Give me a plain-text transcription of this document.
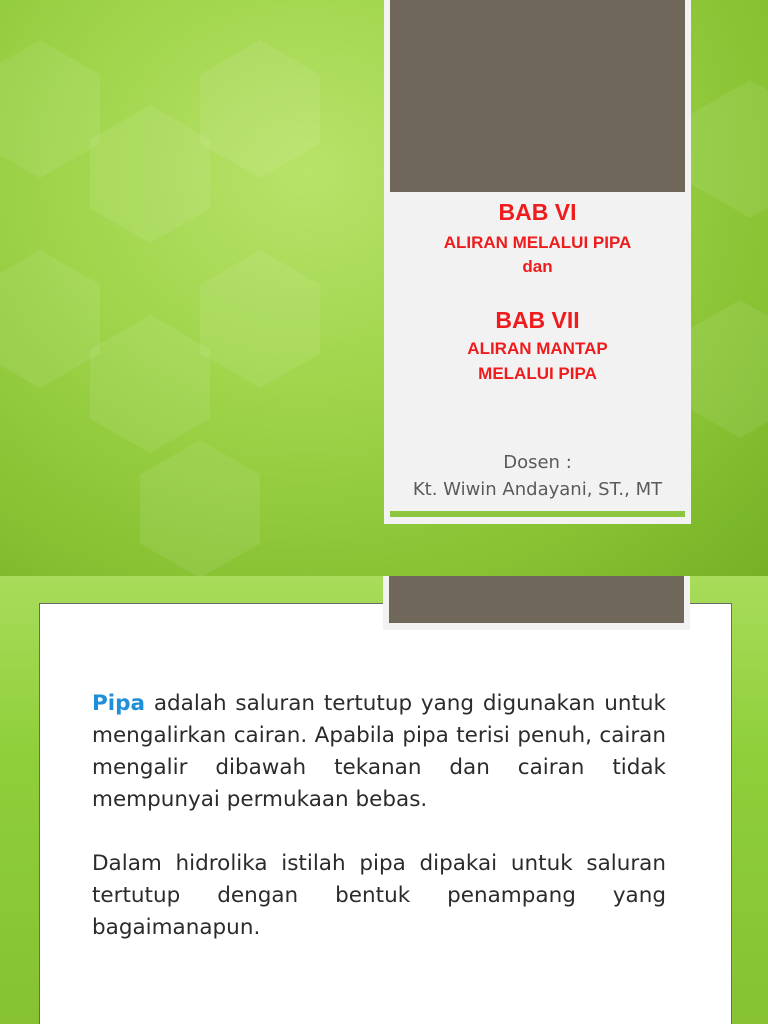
BAB VI
ALIRAN MELALUI PIPA
dan
BAB VII
ALIRAN MANTAP
MELALUI PIPA
Dosen :
Kt. Wiwin Andayani, ST., MT
Pipa adalah saluran tertutup yang digunakan untuk mengalirkan cairan. Apabila pipa terisi penuh, cairan mengalir dibawah tekanan dan cairan tidak mempunyai permukaan bebas.
Dalam hidrolika istilah pipa dipakai untuk saluran tertutup dengan bentuk penampang yang bagaimanapun.
